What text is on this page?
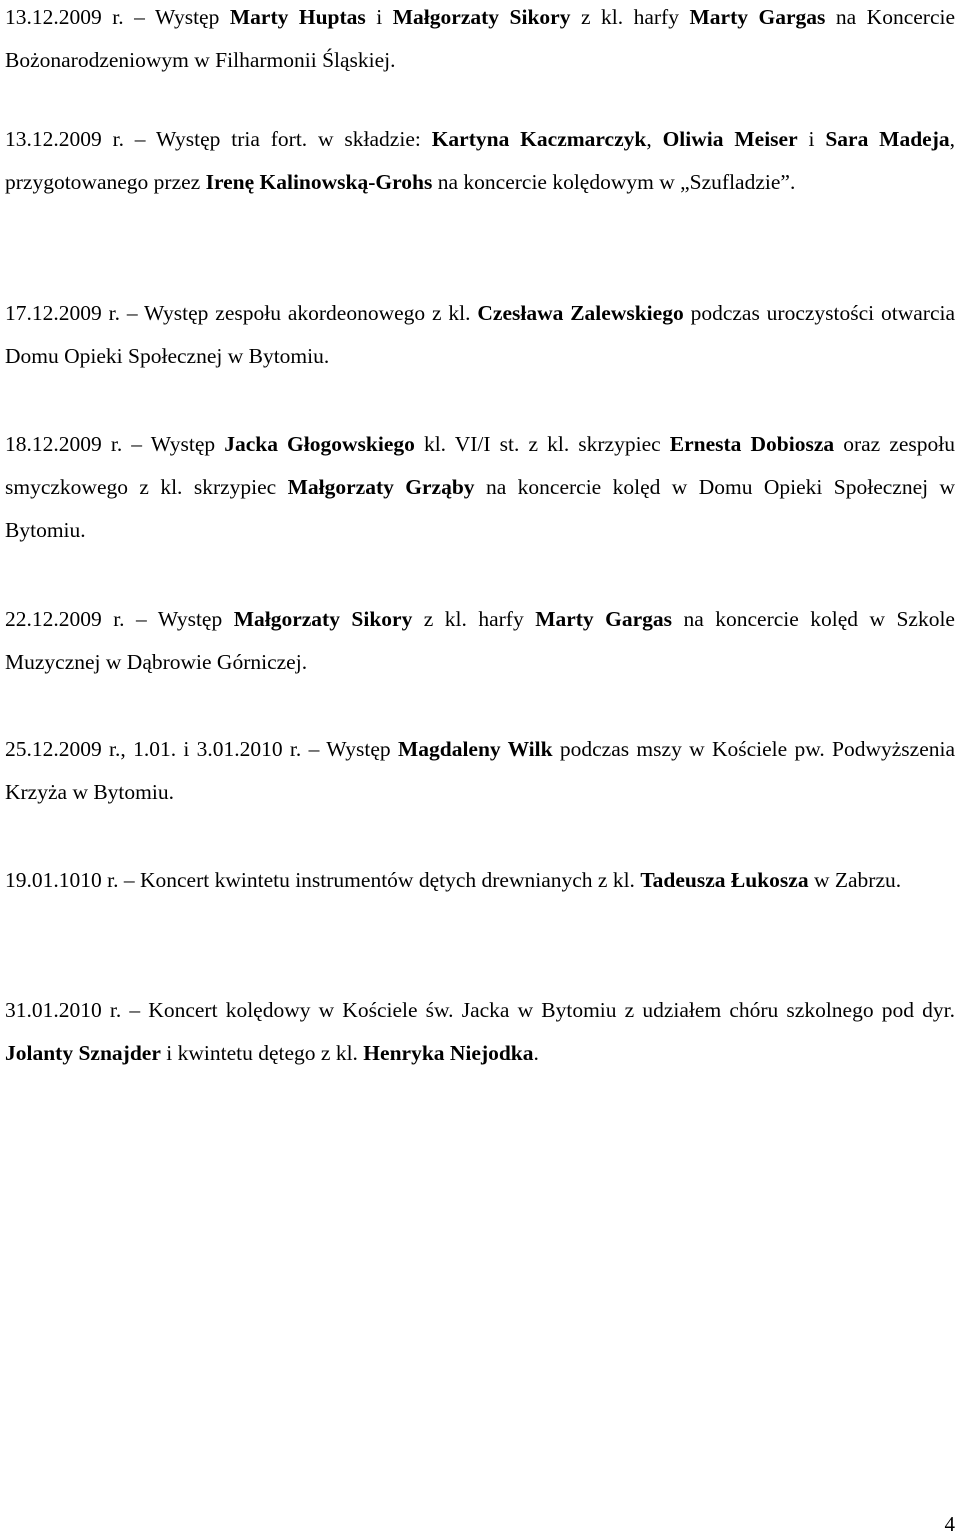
13.12.2009 r. – Występ Marty Huptas i Małgorzaty Sikory z kl. harfy Marty Gargas na Koncercie Bożonarodzeniowym w Filharmonii Śląskiej.

13.12.2009 r. – Występ tria fort. w składzie: Kartyna Kaczmarczyk, Oliwia Meiser i Sara Madeja, przygotowanego przez Irenę Kalinowską-Grohs na koncercie kolędowym w „Szufladzie”.

17.12.2009 r. – Występ zespołu akordeonowego z kl. Czesława Zalewskiego podczas uroczystości otwarcia Domu Opieki Społecznej w Bytomiu.

18.12.2009 r. – Występ Jacka Głogowskiego kl. VI/I st. z kl. skrzypiec Ernesta Dobiosza oraz zespołu smyczkowego z kl. skrzypiec Małgorzaty Grząby na koncercie kolęd w Domu Opieki Społecznej w Bytomiu.

22.12.2009 r. – Występ Małgorzaty Sikory z kl. harfy Marty Gargas na koncercie kolęd w Szkole Muzycznej w Dąbrowie Górniczej.

25.12.2009 r., 1.01. i 3.01.2010 r. – Występ Magdaleny Wilk podczas mszy w Kościele pw. Podwyższenia Krzyża w Bytomiu.

19.01.1010 r. – Koncert kwintetu instrumentów dętych drewnianych z kl. Tadeusza Łukosza w Zabrzu.

31.01.2010 r. – Koncert kolędowy w Kościele św. Jacka w Bytomiu z udziałem chóru szkolnego pod dyr. Jolanty Sznajder i kwintetu dętego z kl. Henryka Niejodka.

4
